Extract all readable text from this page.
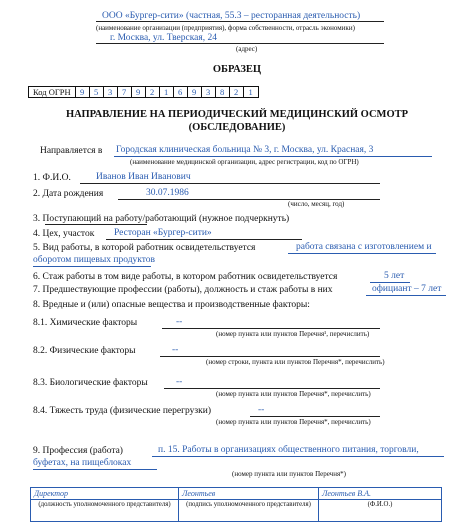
ООО «Бургер-сити» (частная, 55.3 – ресторанная деятельность)
(наименование организации (предприятия), форма собственности, отрасль экономики)
г. Москва, ул. Тверская, 24
(адрес)
ОБРАЗЕЦ
Код ОГРН	9	5	3	7	9	2	1	6	9	3	8	2	1
НАПРАВЛЕНИЕ НА ПЕРИОДИЧЕСКИЙ МЕДИЦИНСКИЙ ОСМОТР
(ОБСЛЕДОВАНИЕ)
Направляется в Городская клиническая больница № 3, г. Москва, ул. Красная, 3
(наименование медицинской организации, адрес регистрации, код по ОГРН)
1. Ф.И.О.	Иванов Иван Иванович
2. Дата рождения	30.07.1986
(число, месяц, год)
3. Поступающий на работу/работающий (нужное подчеркнуть)
4. Цех, участок Ресторан «Бургер-сити»
5. Вид работы, в которой работник освидетельствуется	работа связана с изготовлением и
оборотом пищевых продуктов
6. Стаж работы в том виде работы, в котором работник освидетельствуется	5 лет
7. Предшествующие профессии (работы), должность и стаж работы в них	официант – 7 лет
8. Вредные и (или) опасные вещества и производственные факторы:
8.1. Химические факторы	--
(номер пункта или пунктов Перечня¹, перечислить)
8.2. Физические факторы	--
(номер строки, пункта или пунктов Перечня*, перечислить)
8.3. Биологические факторы	--
(номер пункта или пунктов Перечня*, перечислить)
8.4. Тяжесть труда (физические перегрузки)	--
(номер пункта или пунктов Перечня*, перечислить)
9. Профессия (работа)	п. 15. Работы в организациях общественного питания, торговли,
буфетах, на пищеблоках
(номер пункта или пунктов Перечня*)
Директор	Леонтьев	Леонтьев В.А.
(должность уполномоченного представителя)	(подпись уполномоченного представителя)	(Ф.И.О.)
